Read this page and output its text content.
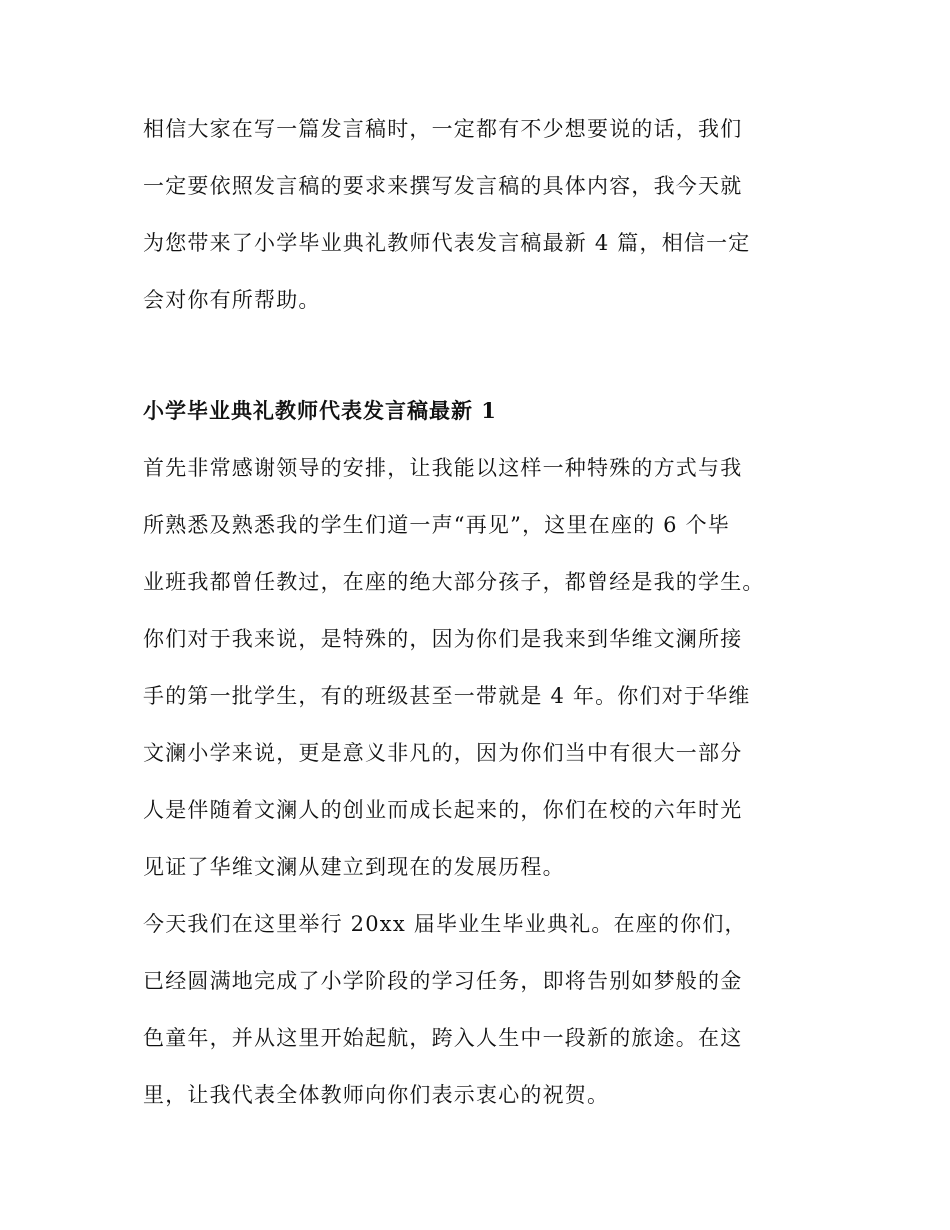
相信大家在写一篇发言稿时，一定都有不少想要说的话，我们
一定要依照发言稿的要求来撰写发言稿的具体内容，我今天就
为您带来了小学毕业典礼教师代表发言稿最新 4 篇，相信一定
会对你有所帮助。
小学毕业典礼教师代表发言稿最新 1
首先非常感谢领导的安排，让我能以这样一种特殊的方式与我
所熟悉及熟悉我的学生们道一声“再见”，这里在座的 6 个毕
业班我都曾任教过，在座的绝大部分孩子，都曾经是我的学生。
你们对于我来说，是特殊的，因为你们是我来到华维文澜所接
手的第一批学生，有的班级甚至一带就是 4 年。你们对于华维
文澜小学来说，更是意义非凡的，因为你们当中有很大一部分
人是伴随着文澜人的创业而成长起来的，你们在校的六年时光
见证了华维文澜从建立到现在的发展历程。
今天我们在这里举行 20xx 届毕业生毕业典礼。在座的你们，
已经圆满地完成了小学阶段的学习任务，即将告别如梦般的金
色童年，并从这里开始起航，跨入人生中一段新的旅途。在这
里，让我代表全体教师向你们表示衷心的祝贺。
